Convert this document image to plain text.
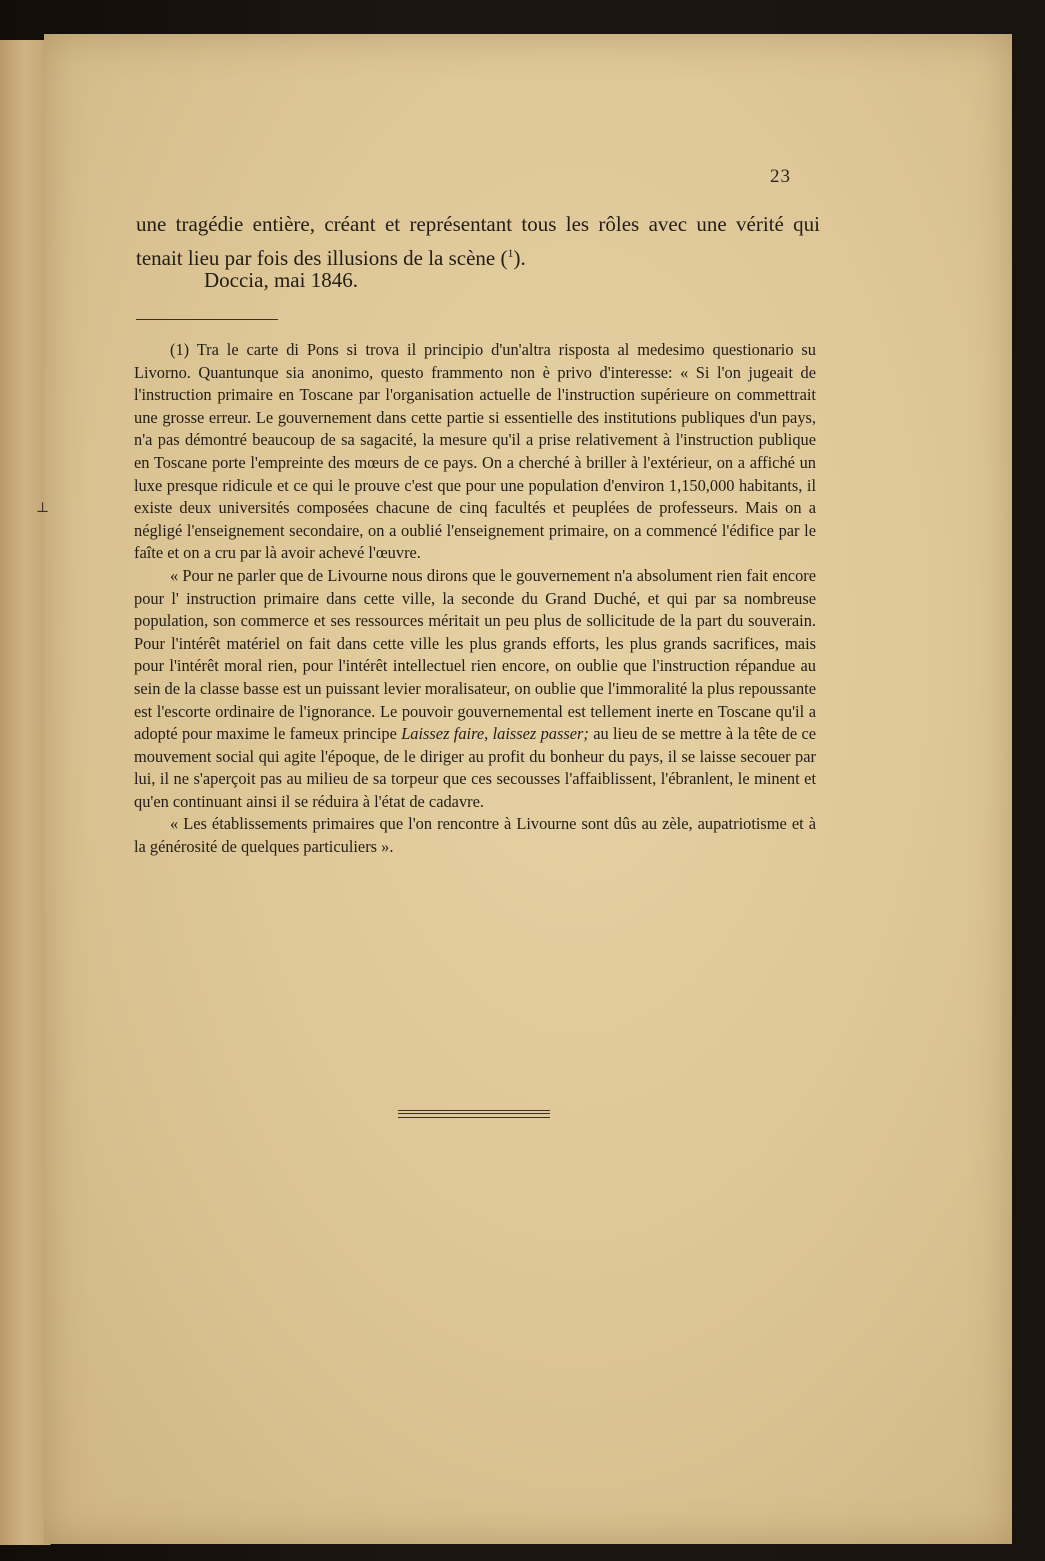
⊥
23

une tragédie entière, créant et représentant tous les rôles avec une vérité qui tenait lieu par fois des illusions de la scène ($^1$).

Doccia, mai 1846.

(1) Tra le carte di Pons si trova il principio d'un'altra risposta al medesimo questionario su Livorno. Quantunque sia anonimo, questo frammento non è privo d'interesse: « Si l'on jugeait de l'instruction primaire en Toscane par l'organisation actuelle de l'instruction supérieure on commettrait une grosse erreur. Le gouvernement dans cette partie si essentielle des institutions publiques d'un pays, n'a pas démontré beaucoup de sa sagacité, la mesure qu'il a prise relativement à l'instruction publique en Toscane porte l'empreinte des mœurs de ce pays. On a cherché à briller à l'extérieur, on a affiché un luxe presque ridicule et ce qui le prouve c'est que pour une population d'environ 1,150,000 habitants, il existe deux universités composées chacune de cinq facultés et peuplées de professeurs. Mais on a négligé l'enseignement secondaire, on a oublié l'enseignement primaire, on a commencé l'édifice par le faîte et on a cru par là avoir achevé l'œuvre.

« Pour ne parler que de Livourne nous dirons que le gouvernement n'a absolument rien fait encore pour l' instruction primaire dans cette ville, la seconde du Grand Duché, et qui par sa nombreuse population, son commerce et ses ressources méritait un peu plus de sollicitude de la part du souverain. Pour l'intérêt matériel on fait dans cette ville les plus grands efforts, les plus grands sacrifices, mais pour l'intérêt moral rien, pour l'intérêt intellectuel rien encore, on oublie que l'instruction répandue au sein de la classe basse est un puissant levier moralisateur, on oublie que l'immoralité la plus repoussante est l'escorte ordinaire de l'ignorance. Le pouvoir gouvernemental est tellement inerte en Toscane qu'il a adopté pour maxime le fameux principe Laissez faire, laissez passer; au lieu de se mettre à la tête de ce mouvement social qui agite l'époque, de le diriger au profit du bonheur du pays, il se laisse secouer par lui, il ne s'aperçoit pas au milieu de sa torpeur que ces secousses l'affaiblissent, l'ébranlent, le minent et qu'en continuant ainsi il se réduira à l'état de cadavre.

« Les établissements primaires que l'on rencontre à Livourne sont dûs au zèle, aupatriotisme et à la générosité de quelques particuliers ».
